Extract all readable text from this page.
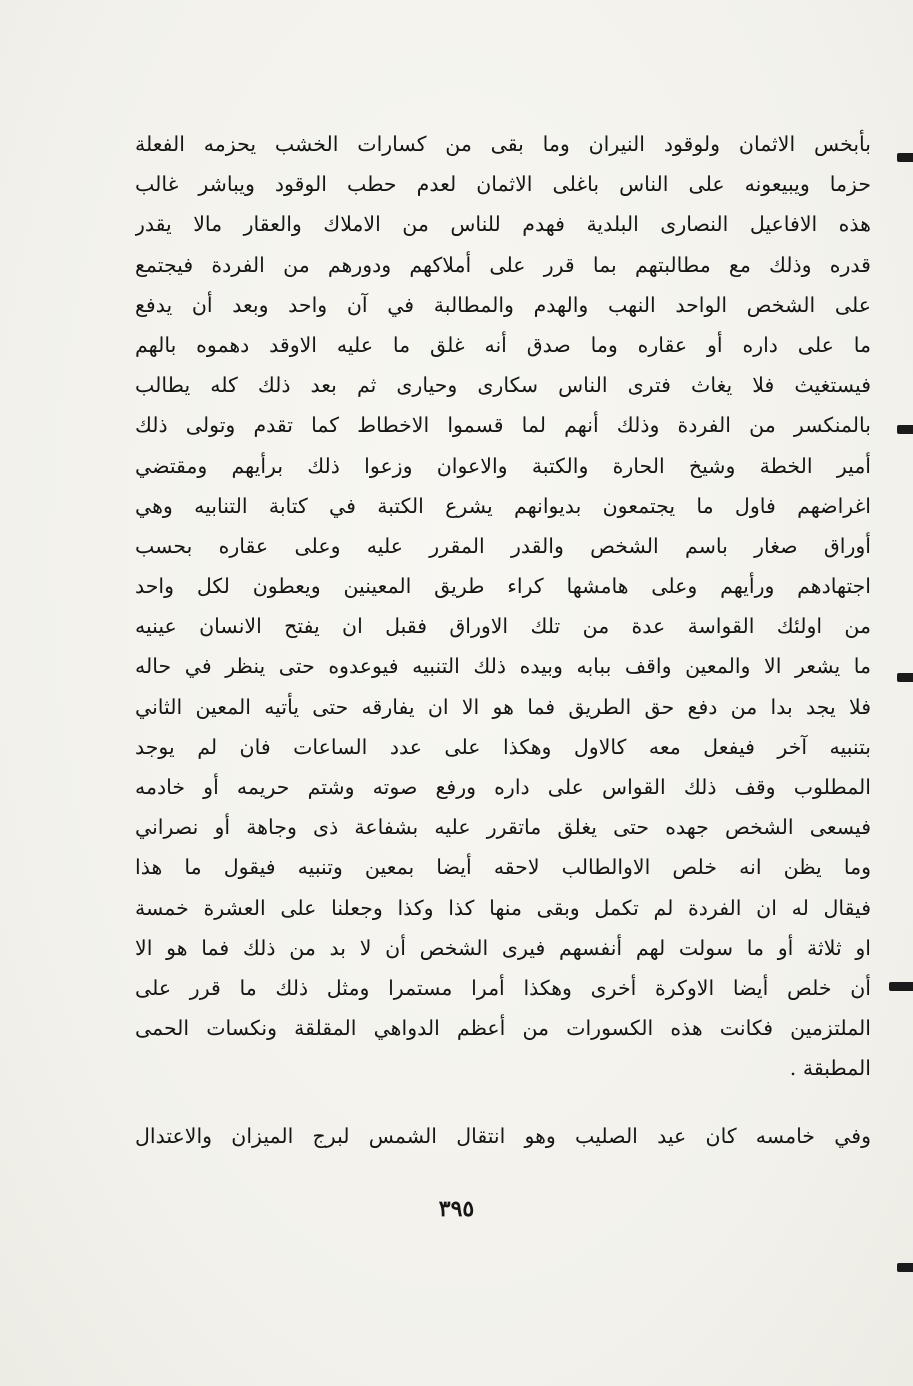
بأبخس الاثمان ولوقود النيران وما بقى من كسارات الخشب يحزمه الفعلة
حزما ويبيعونه على الناس باغلى الاثمان لعدم حطب الوقود ويباشر غالب
هذه الافاعيل النصارى البلدية فهدم للناس من الاملاك والعقار مالا يقدر
قدره وذلك مع مطالبتهم بما قرر على أملاكهم ودورهم من الفردة فيجتمع
على الشخص الواحد النهب والهدم والمطالبة في آن واحد وبعد أن يدفع
ما على داره أو عقاره وما صدق أنه غلق ما عليه الاوقد دهموه بالهم
فيستغيث فلا يغاث فترى الناس سكارى وحيارى ثم بعد ذلك كله يطالب
بالمنكسر من الفردة وذلك أنهم لما قسموا الاخطاط كما تقدم وتولى ذلك
أمير الخطة وشيخ الحارة والكتبة والاعوان وزعوا ذلك برأيهم ومقتضي
اغراضهم فاول ما يجتمعون بديوانهم يشرع الكتبة في كتابة التنابيه وهي
أوراق صغار باسم الشخص والقدر المقرر عليه وعلى عقاره بحسب
اجتهادهم ورأيهم وعلى هامشها كراء طريق المعينين ويعطون لكل واحد
من اولئك القواسة عدة من تلك الاوراق فقبل ان يفتح الانسان عينيه
ما يشعر الا والمعين واقف ببابه وبيده ذلك التنبيه فيوعدوه حتى ينظر في حاله
فلا يجد بدا من دفع حق الطريق فما هو الا ان يفارقه حتى يأتيه المعين الثاني
بتنبيه آخر فيفعل معه كالاول وهكذا على عدد الساعات فان لم يوجد
المطلوب وقف ذلك القواس على داره ورفع صوته وشتم حريمه أو خادمه
فيسعى الشخص جهده حتى يغلق ماتقرر عليه بشفاعة ذى وجاهة أو نصراني
وما يظن انه خلص الاوالطالب لاحقه أيضا بمعين وتنبيه فيقول ما هذا
فيقال له ان الفردة لم تكمل وبقى منها كذا وكذا وجعلنا على العشرة خمسة
او ثلاثة أو ما سولت لهم أنفسهم فيرى الشخص أن لا بد من ذلك فما هو الا
أن خلص أيضا الاوكرة أخرى وهكذا أمرا مستمرا ومثل ذلك ما قرر على
الملتزمين فكانت هذه الكسورات من أعظم الدواهي المقلقة ونكسات الحمى
المطبقة .
وفي خامسه كان عيد الصليب وهو انتقال الشمس لبرج الميزان والاعتدال
٣٩٥
